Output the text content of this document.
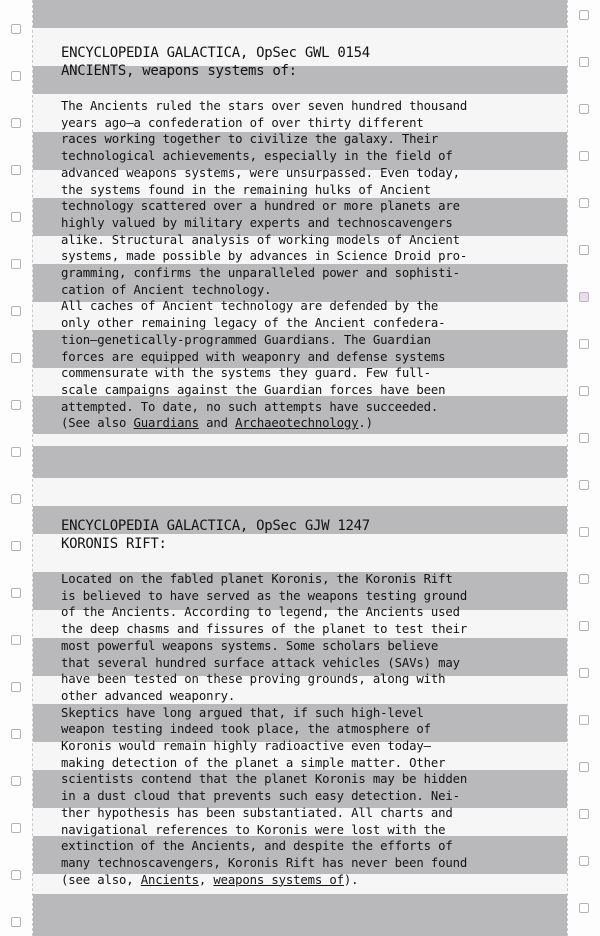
ENCYCLOPEDIA GALACTICA, OpSec GWL 0154
ANCIENTS, weapons systems of:
The Ancients ruled the stars over seven hundred thousand
years ago—a confederation of over thirty different
races working together to civilize the galaxy. Their
technological achievements, especially in the field of
advanced weapons systems, were unsurpassed. Even today,
the systems found in the remaining hulks of Ancient
technology scattered over a hundred or more planets are
highly valued by military experts and technoscavengers
alike. Structural analysis of working models of Ancient
systems, made possible by advances in Science Droid pro-
gramming, confirms the unparalleled power and sophisti-
cation of Ancient technology.
All caches of Ancient technology are defended by the
only other remaining legacy of the Ancient confedera-
tion—genetically-programmed Guardians. The Guardian
forces are equipped with weaponry and defense systems
commensurate with the systems they guard. Few full-
scale campaigns against the Guardian forces have been
attempted. To date, no such attempts have succeeded.
(See also Guardians and Archaeotechnology.)
ENCYCLOPEDIA GALACTICA, OpSec GJW 1247
KORONIS RIFT:
Located on the fabled planet Koronis, the Koronis Rift
is believed to have served as the weapons testing ground
of the Ancients. According to legend, the Ancients used
the deep chasms and fissures of the planet to test their
most powerful weapons systems. Some scholars believe
that several hundred surface attack vehicles (SAVs) may
have been tested on these proving grounds, along with
other advanced weaponry.
Skeptics have long argued that, if such high-level
weapon testing indeed took place, the atmosphere of
Koronis would remain highly radioactive even today—
making detection of the planet a simple matter. Other
scientists contend that the planet Koronis may be hidden
in a dust cloud that prevents such easy detection. Nei-
ther hypothesis has been substantiated. All charts and
navigational references to Koronis were lost with the
extinction of the Ancients, and despite the efforts of
many technoscavengers, Koronis Rift has never been found
(see also, Ancients, weapons systems of).
